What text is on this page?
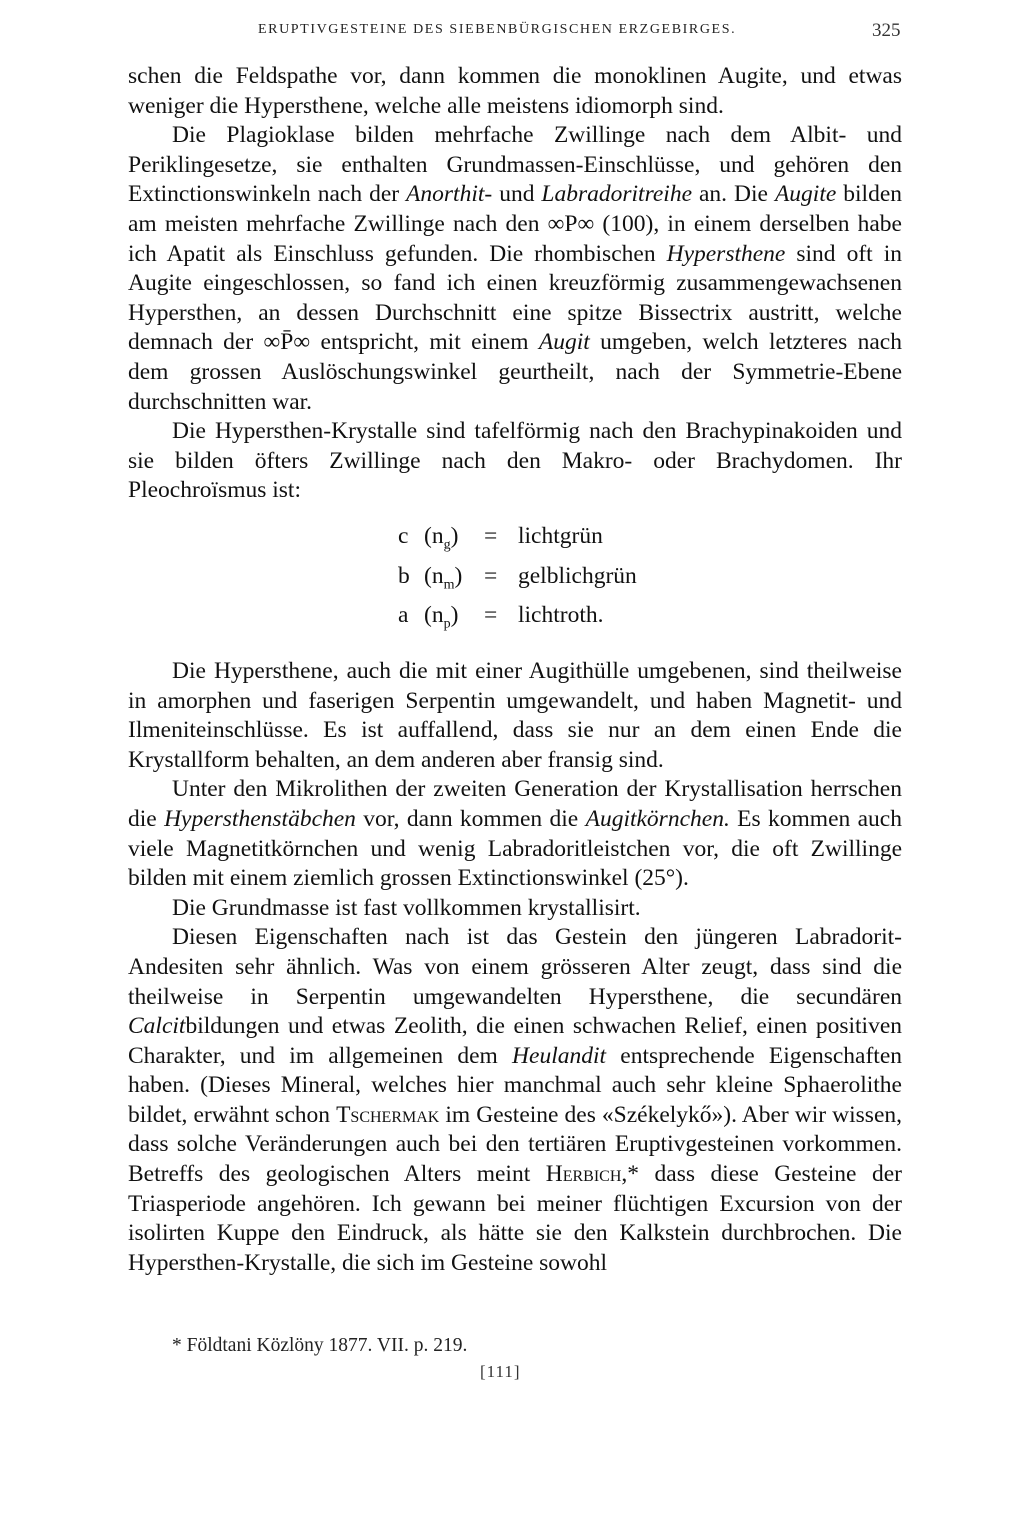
ERUPTIVGESTEINE DES SIEBENBÜRGISCHEN ERZGEBIRGES.	325

schen die Feldspathe vor, dann kommen die monoklinen Augite, und etwas weniger die Hypersthene, welche alle meistens idiomorph sind.

Die Plagioklase bilden mehrfache Zwillinge nach dem Albit- und Periklingesetze, sie enthalten Grundmassen-Einschlüsse, und gehören den Extinctionswinkeln nach der Anorthit- und Labradoritreihe an. Die Augite bilden am meisten mehrfache Zwillinge nach den ∞P∞ (100), in einem derselben habe ich Apatit als Einschluss gefunden. Die rhombischen Hypersthene sind oft in Augite eingeschlossen, so fand ich einen kreuzförmig zusammengewachsenen Hypersthen, an dessen Durchschnitt eine spitze Bissectrix austritt, welche demnach der ∞P̄∞ entspricht, mit einem Augit umgeben, welch letzteres nach dem grossen Auslöschungswinkel geurtheilt, nach der Symmetrie-Ebene durchschnitten war.

Die Hypersthen-Krystalle sind tafelförmig nach den Brachypinakoiden und sie bilden öfters Zwillinge nach den Makro- oder Brachydomen. Ihr Pleochroïsmus ist:

c	$(n_g)$	=	lichtgrün
b	$(n_m)$	=	gelblichgrün
a	$(n_p)$	=	lichtroth.

Die Hypersthene, auch die mit einer Augithülle umgebenen, sind theilweise in amorphen und faserigen Serpentin umgewandelt, und haben Magnetit- und Ilmeniteinschlüsse. Es ist auffallend, dass sie nur an dem einen Ende die Krystallform behalten, an dem anderen aber fransig sind.

Unter den Mikrolithen der zweiten Generation der Krystallisation herrschen die Hypersthenstäbchen vor, dann kommen die Augitkörnchen. Es kommen auch viele Magnetitkörnchen und wenig Labradoritleistchen vor, die oft Zwillinge bilden mit einem ziemlich grossen Extinctionswinkel (25°).

Die Grundmasse ist fast vollkommen krystallisirt.

Diesen Eigenschaften nach ist das Gestein den jüngeren Labradorit-Andesiten sehr ähnlich. Was von einem grösseren Alter zeugt, dass sind die theilweise in Serpentin umgewandelten Hypersthene, die secundären Calcitbildungen und etwas Zeolith, die einen schwachen Relief, einen positiven Charakter, und im allgemeinen dem Heulandit entsprechende Eigenschaften haben. (Dieses Mineral, welches hier manchmal auch sehr kleine Sphaerolithe bildet, erwähnt schon Tschermak im Gesteine des «Székelykő»). Aber wir wissen, dass solche Veränderungen auch bei den tertiären Eruptivgesteinen vorkommen. Betreffs des geologischen Alters meint Herbich,* dass diese Gesteine der Triasperiode angehören. Ich gewann bei meiner flüchtigen Excursion von der isolirten Kuppe den Eindruck, als hätte sie den Kalkstein durchbrochen. Die Hypersthen-Krystalle, die sich im Gesteine sowohl

* Földtani Közlöny 1877. VII. p. 219.
[111]
